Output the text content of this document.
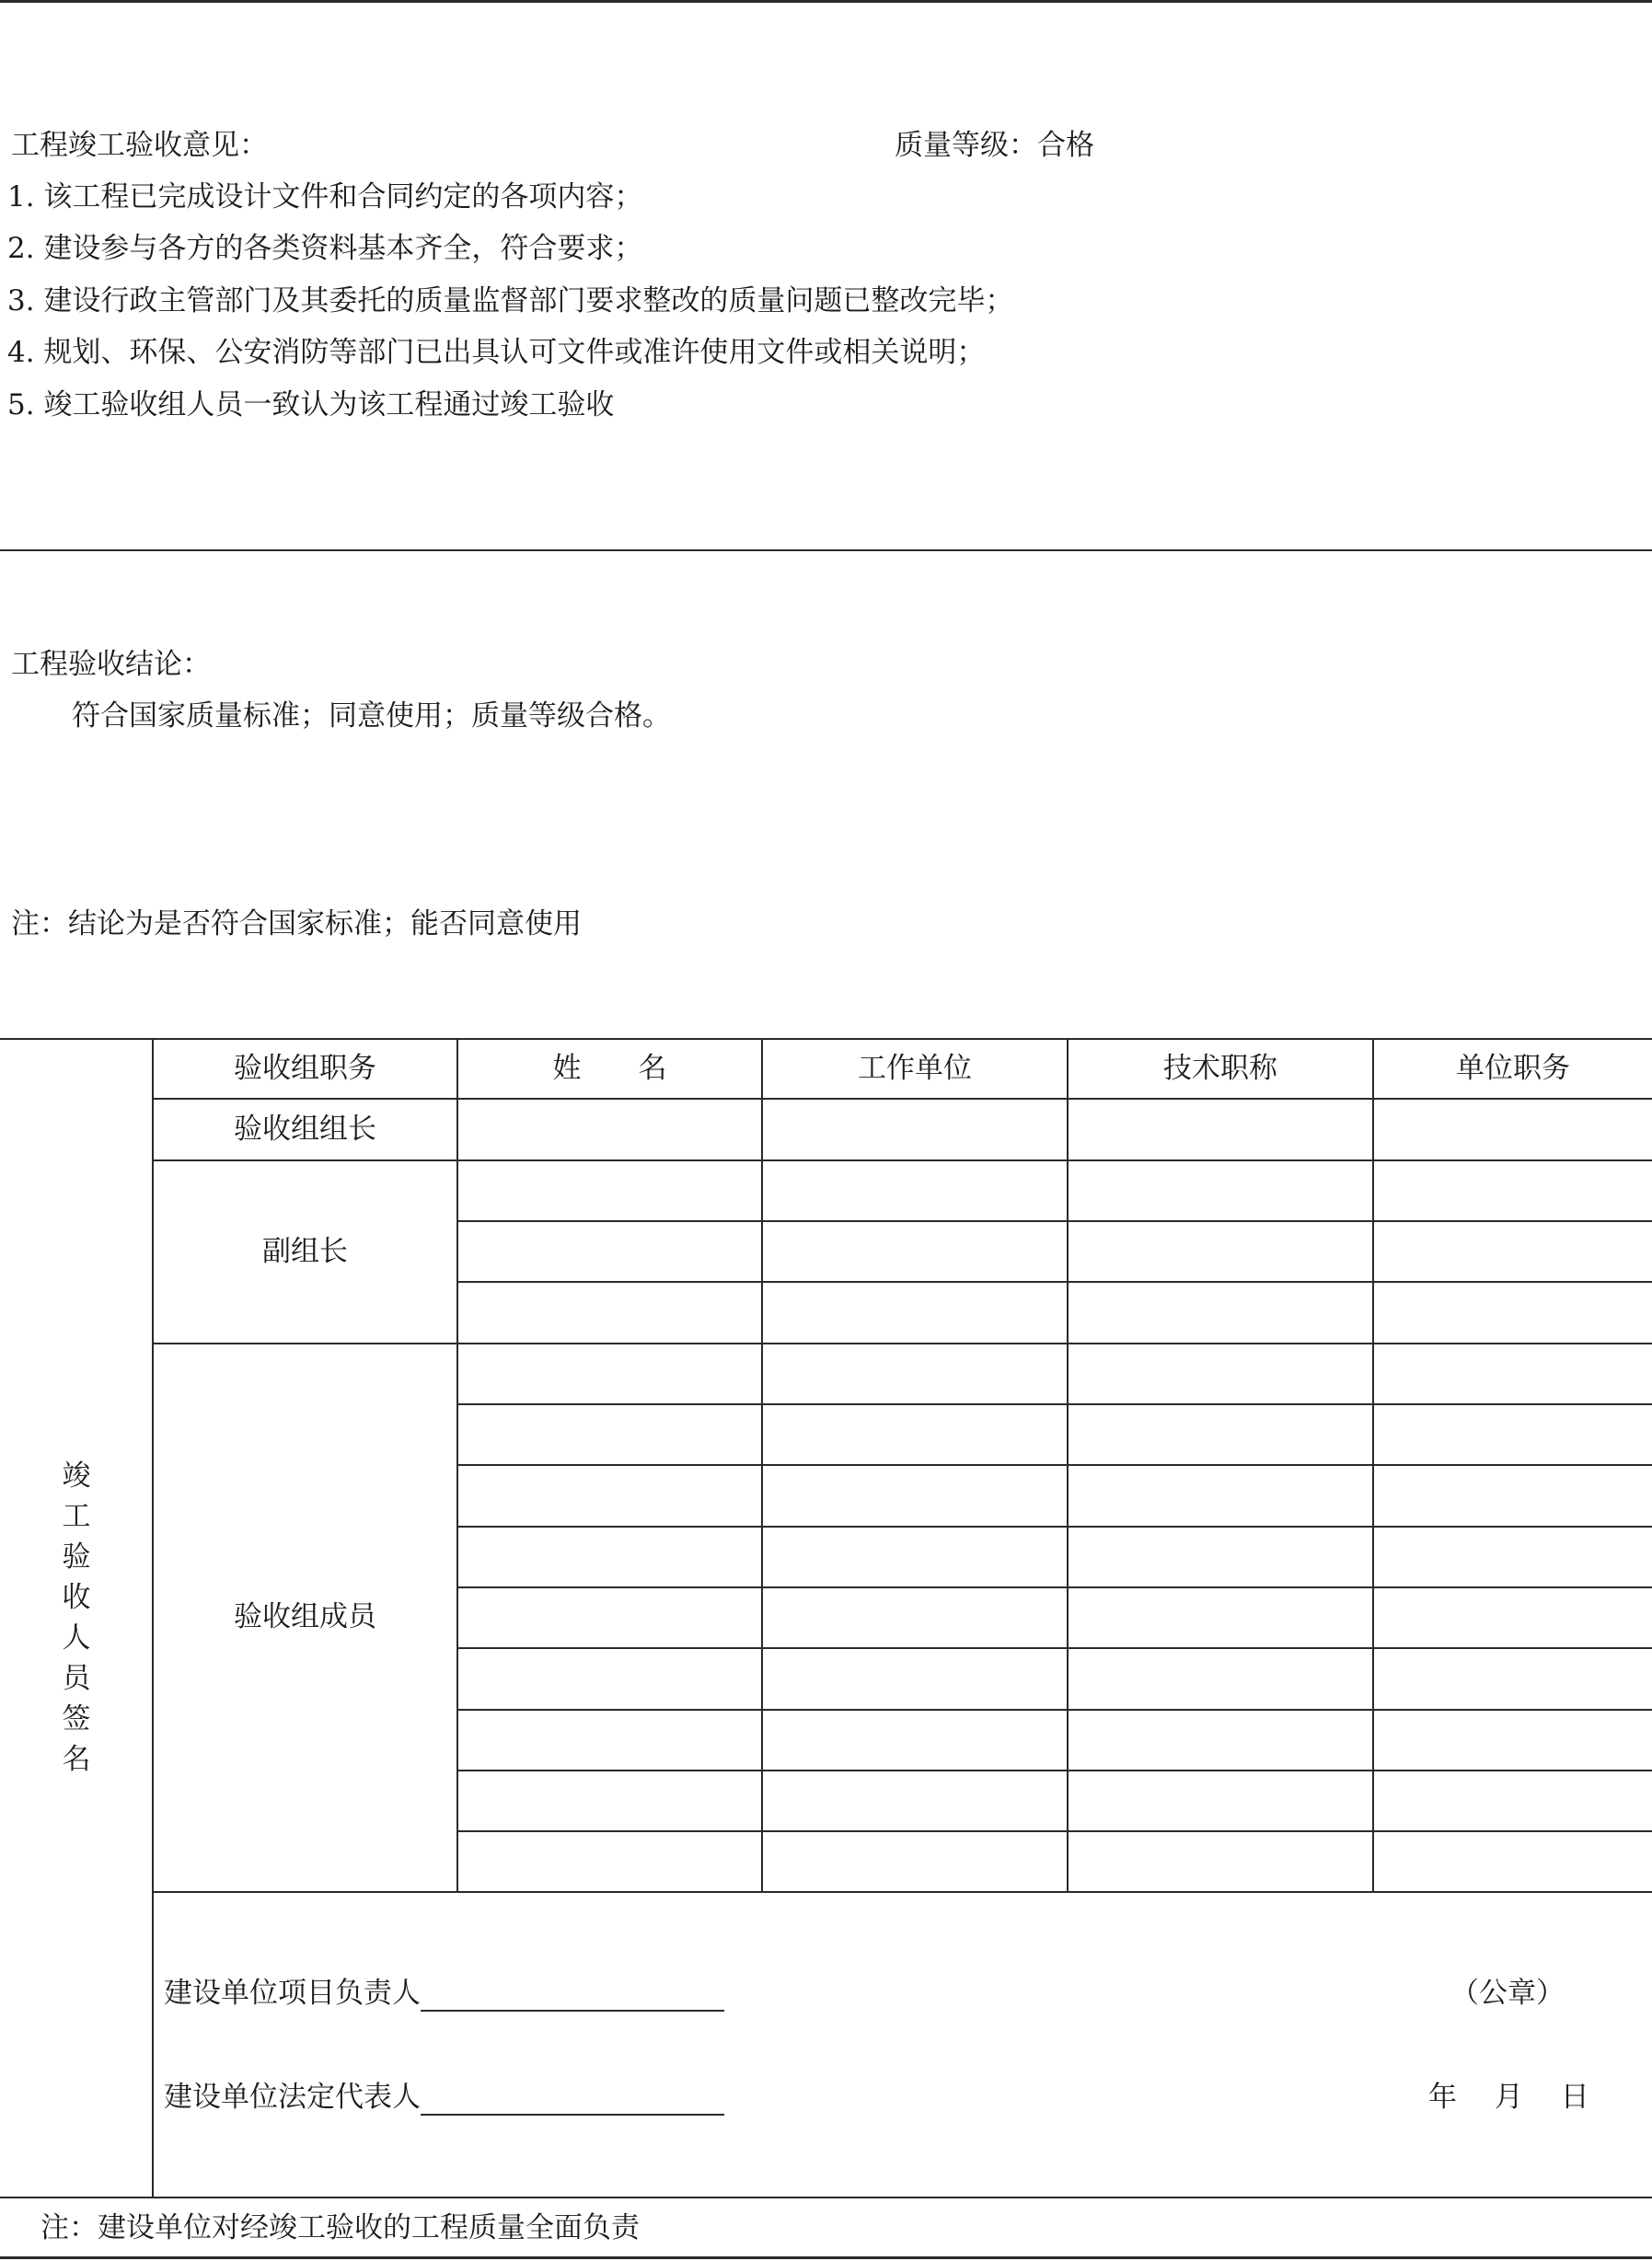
工程竣工验收意见：	质量等级：合格
1. 该工程已完成设计文件和合同约定的各项内容；
2. 建设参与各方的各类资料基本齐全，符合要求；
3. 建设行政主管部门及其委托的质量监督部门要求整改的质量问题已整改完毕；
4. 规划、环保、公安消防等部门已出具认可文件或准许使用文件或相关说明；
5. 竣工验收组人员一致认为该工程通过竣工验收
工程验收结论：
符合国家质量标准；同意使用；质量等级合格。
注：结论为是否符合国家标准；能否同意使用
验收组职务	姓　　名	工作单位	技术职称	单位职务
验收组组长
副组长
验收组成员
竣
工
验
收
人
员
签
名
建设单位项目负责人	（公章）
建设单位法定代表人	年　 月　 日
注：建设单位对经竣工验收的工程质量全面负责
